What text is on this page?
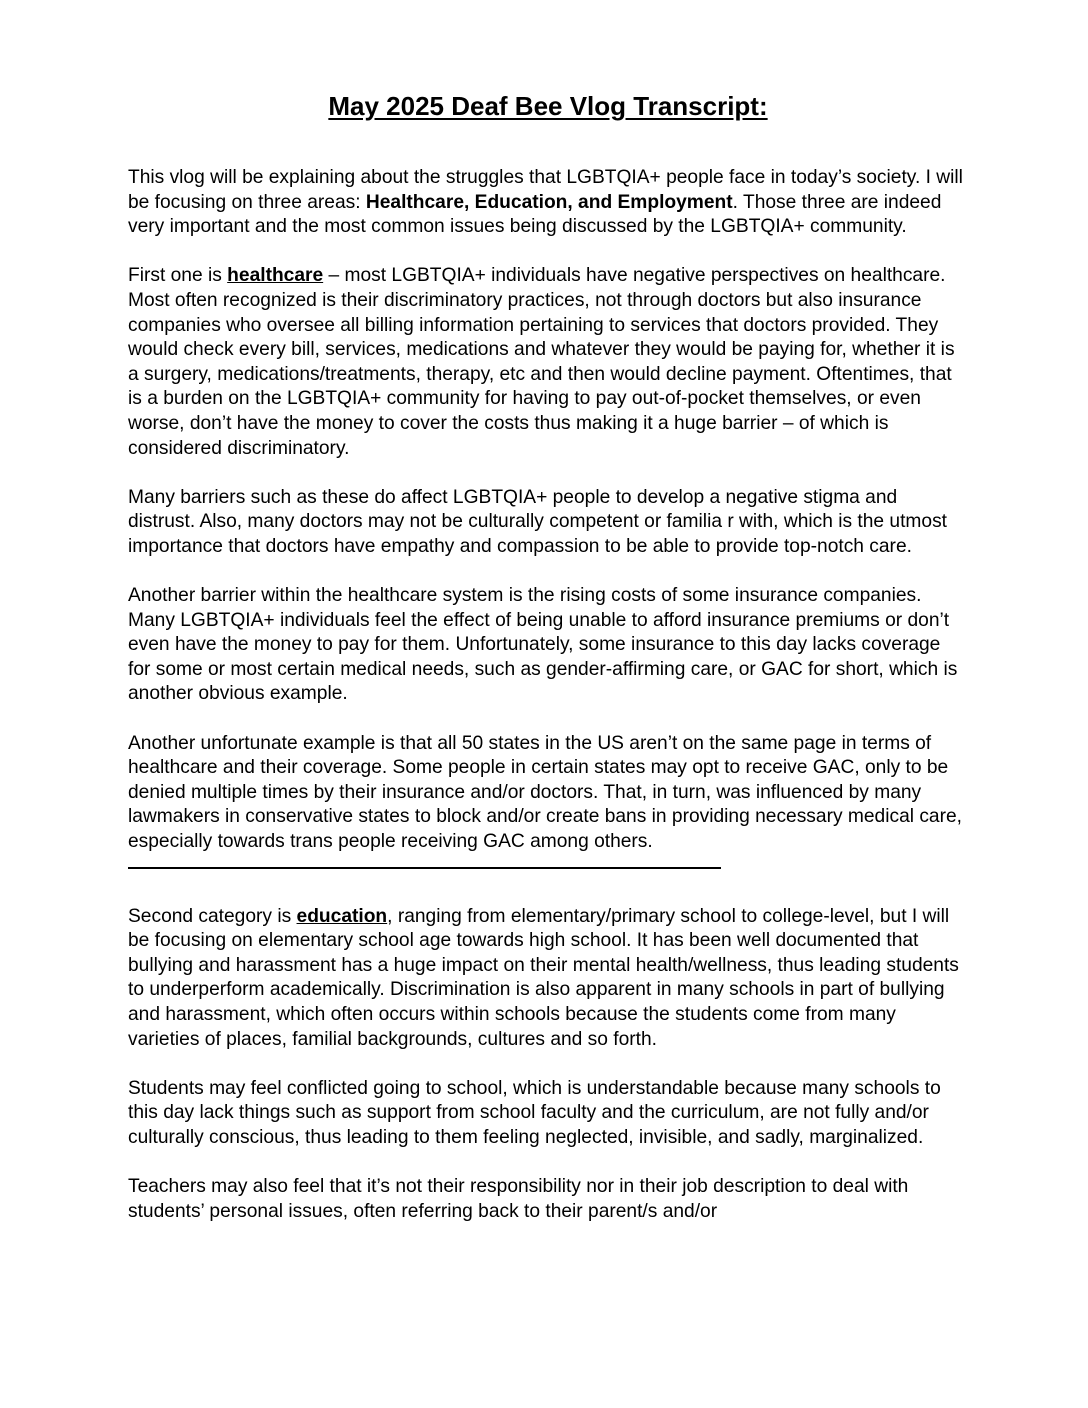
May 2025 Deaf Bee Vlog Transcript:

This vlog will be explaining about the struggles that LGBTQIA+ people face in today’s society. I will be focusing on three areas: Healthcare, Education, and Employment. Those three are indeed very important and the most common issues being discussed by the LGBTQIA+ community.

First one is healthcare – most LGBTQIA+ individuals have negative perspectives on healthcare. Most often recognized is their discriminatory practices, not through doctors but also insurance companies who oversee all billing information pertaining to services that doctors provided. They would check every bill, services, medications and whatever they would be paying for, whether it is a surgery, medications/treatments, therapy, etc and then would decline payment. Oftentimes, that is a burden on the LGBTQIA+ community for having to pay out-of-pocket themselves, or even worse, don’t have the money to cover the costs thus making it a huge barrier – of which is considered discriminatory.

Many barriers such as these do affect LGBTQIA+ people to develop a negative stigma and distrust. Also, many doctors may not be culturally competent or familia r with, which is the utmost importance that doctors have empathy and compassion to be able to provide top-notch care.

Another barrier within the healthcare system is the rising costs of some insurance companies. Many LGBTQIA+ individuals feel the effect of being unable to afford insurance premiums or don’t even have the money to pay for them. Unfortunately, some insurance to this day lacks coverage for some or most certain medical needs, such as gender-affirming care, or GAC for short, which is another obvious example.

Another unfortunate example is that all 50 states in the US aren’t on the same page in terms of healthcare and their coverage. Some people in certain states may opt to receive GAC, only to be denied multiple times by their insurance and/or doctors. That, in turn, was influenced by many lawmakers in conservative states to block and/or create bans in providing necessary medical care, especially towards trans people receiving GAC among others.

Second category is education, ranging from elementary/primary school to college-level, but I will be focusing on elementary school age towards high school. It has been well documented that bullying and harassment has a huge impact on their mental health/wellness, thus leading students to underperform academically. Discrimination is also apparent in many schools in part of bullying and harassment, which often occurs within schools because the students come from many varieties of places, familial backgrounds, cultures and so forth.

Students may feel conflicted going to school, which is understandable because many schools to this day lack things such as support from school faculty and the curriculum, are not fully and/or culturally conscious, thus leading to them feeling neglected, invisible, and sadly, marginalized.

Teachers may also feel that it’s not their responsibility nor in their job description to deal with students’ personal issues, often referring back to their parent/s and/or
